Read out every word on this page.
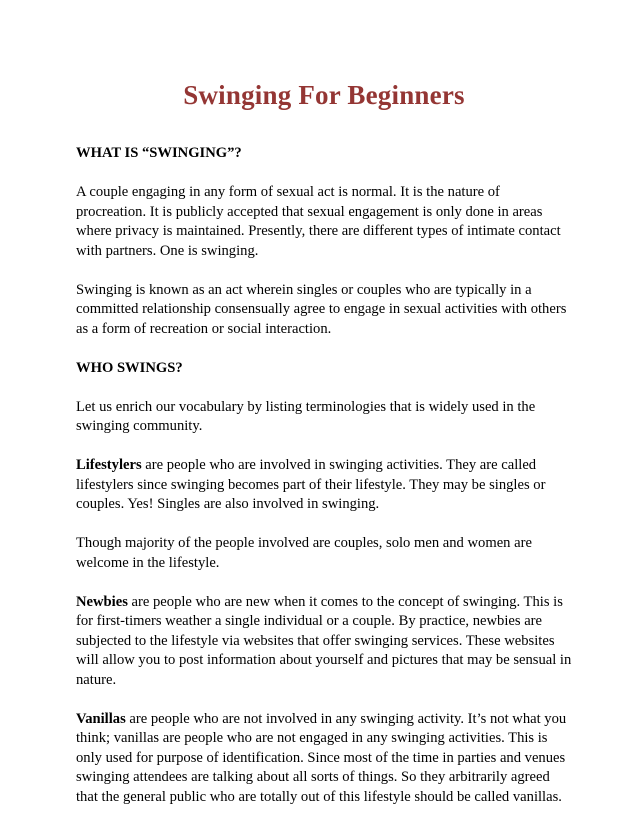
Swinging For Beginners
WHAT IS “SWINGING”?
A couple engaging in any form of sexual act is normal. It is the nature of procreation. It is publicly accepted that sexual engagement is only done in areas where privacy is maintained. Presently, there are different types of intimate contact with partners. One is swinging.
Swinging is known as an act wherein singles or couples who are typically in a committed relationship consensually agree to engage in sexual activities with others as a form of recreation or social interaction.
WHO SWINGS?
Let us enrich our vocabulary by listing terminologies that is widely used in the swinging community.
Lifestylers are people who are involved in swinging activities. They are called lifestylers since swinging becomes part of their lifestyle. They may be singles or couples. Yes! Singles are also involved in swinging.
Though majority of the people involved are couples, solo men and women are welcome in the lifestyle.
Newbies are people who are new when it comes to the concept of swinging. This is for first-timers weather a single individual or a couple. By practice, newbies are subjected to the lifestyle via websites that offer swinging services. These websites will allow you to post information about yourself and pictures that may be sensual in nature.
Vanillas are people who are not involved in any swinging activity. It’s not what you think; vanillas are people who are not engaged in any swinging activities. This is only used for purpose of identification. Since most of the time in parties and venues swinging attendees are talking about all sorts of things. So they arbitrarily agreed that the general public who are totally out of this lifestyle should be called vanillas.
